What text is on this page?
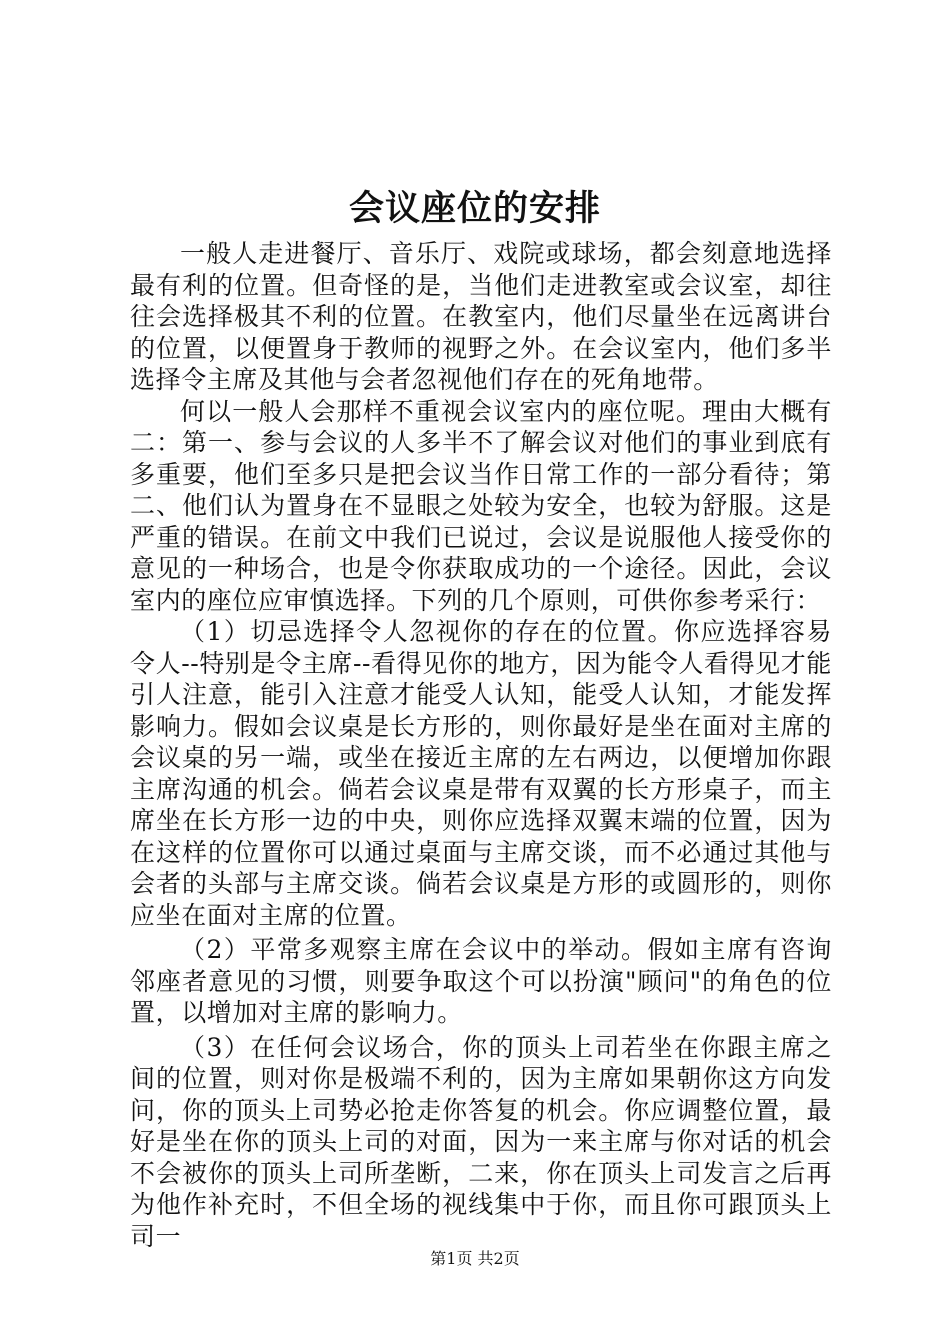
会议座位的安排

一般人走进餐厅、音乐厅、戏院或球场，都会刻意地选择最有利的位置。但奇怪的是，当他们走进教室或会议室，却往往会选择极其不利的位置。在教室内，他们尽量坐在远离讲台的位置，以便置身于教师的视野之外。在会议室内，他们多半选择令主席及其他与会者忽视他们存在的死角地带。

何以一般人会那样不重视会议室内的座位呢。理由大概有二：第一、参与会议的人多半不了解会议对他们的事业到底有多重要，他们至多只是把会议当作日常工作的一部分看待；第二、他们认为置身在不显眼之处较为安全，也较为舒服。这是严重的错误。在前文中我们已说过，会议是说服他人接受你的意见的一种场合，也是令你获取成功的一个途径。因此，会议室内的座位应审慎选择。下列的几个原则，可供你参考采行：

（1）切忌选择令人忽视你的存在的位置。你应选择容易令人--特别是令主席--看得见你的地方，因为能令人看得见才能引人注意，能引入注意才能受人认知，能受人认知，才能发挥影响力。假如会议桌是长方形的，则你最好是坐在面对主席的会议桌的另一端，或坐在接近主席的左右两边，以便增加你跟主席沟通的机会。倘若会议桌是带有双翼的长方形桌子，而主席坐在长方形一边的中央，则你应选择双翼末端的位置，因为在这样的位置你可以通过桌面与主席交谈，而不必通过其他与会者的头部与主席交谈。倘若会议桌是方形的或圆形的，则你应坐在面对主席的位置。

（2）平常多观察主席在会议中的举动。假如主席有咨询邻座者意见的习惯，则要争取这个可以扮演"顾问"的角色的位置，以增加对主席的影响力。

（3）在任何会议场合，你的顶头上司若坐在你跟主席之间的位置，则对你是极端不利的，因为主席如果朝你这方向发问，你的顶头上司势必抢走你答复的机会。你应调整位置，最好是坐在你的顶头上司的对面，因为一来主席与你对话的机会不会被你的顶头上司所垄断，二来，你在顶头上司发言之后再为他作补充时，不但全场的视线集中于你，而且你可跟顶头上司一

第1页 共2页
